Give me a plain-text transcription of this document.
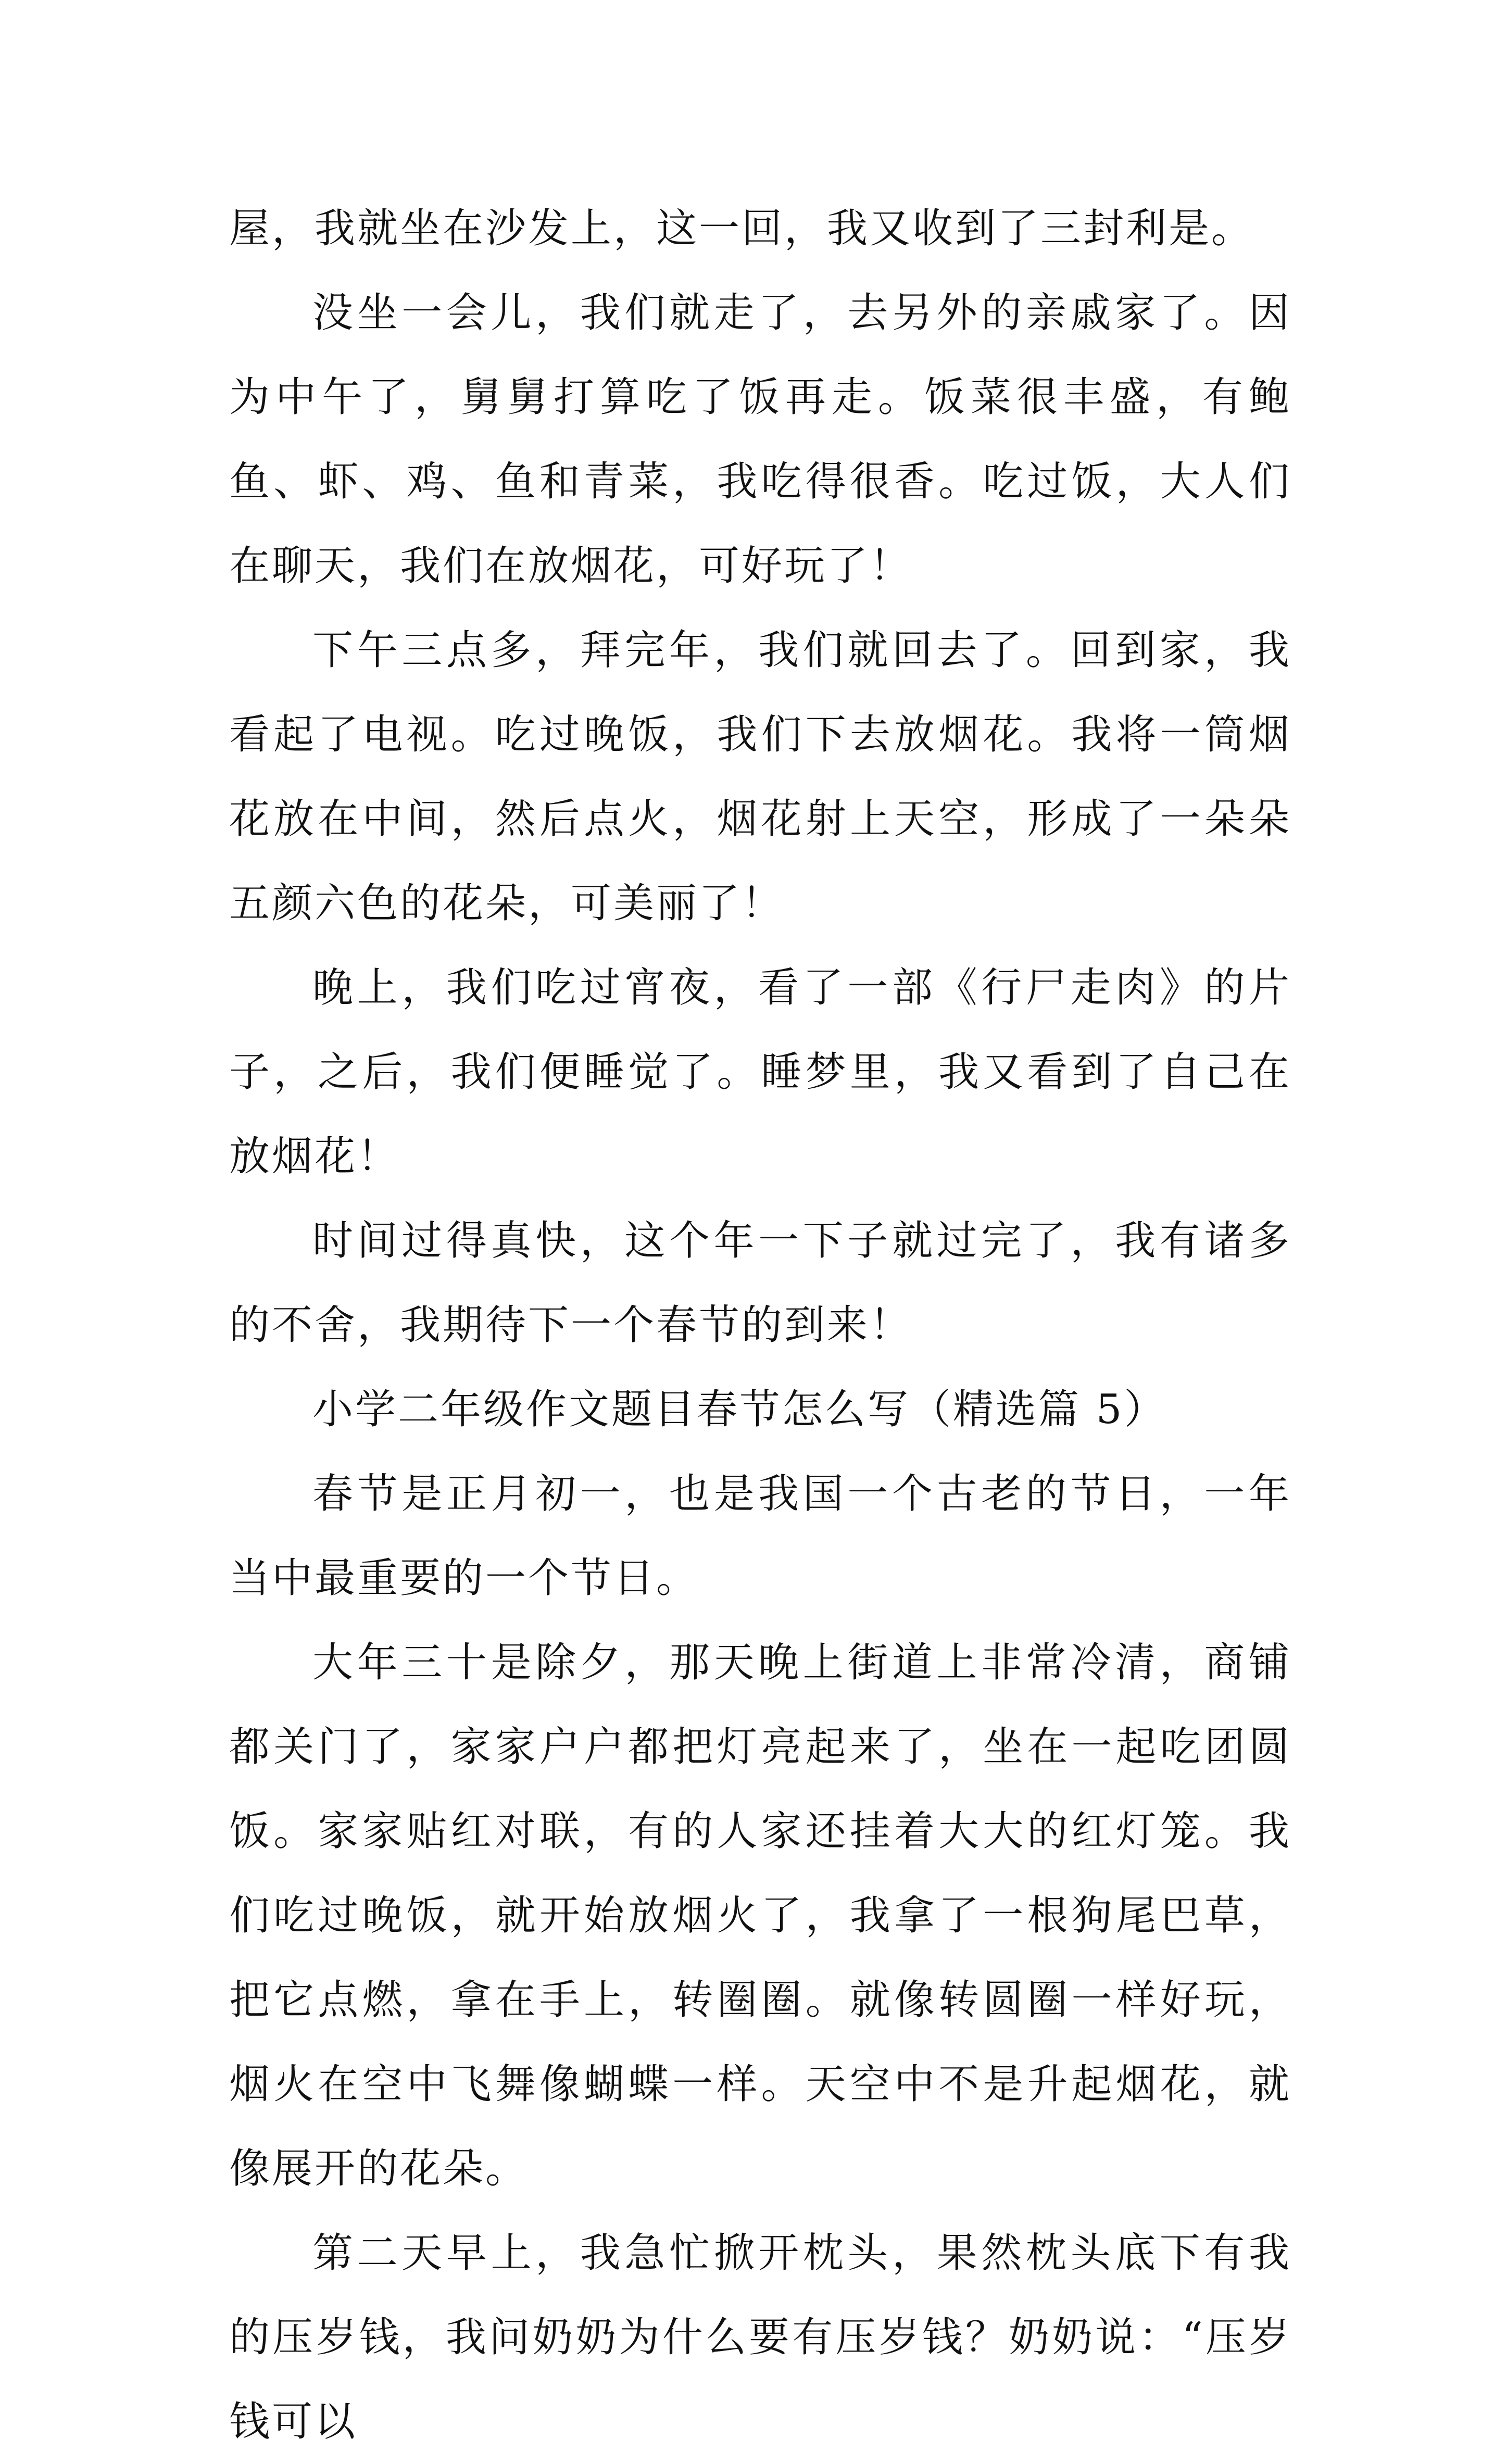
屋，我就坐在沙发上，这一回，我又收到了三封利是。

没坐一会儿，我们就走了，去另外的亲戚家了。因为中午了，舅舅打算吃了饭再走。饭菜很丰盛，有鲍鱼、虾、鸡、鱼和青菜，我吃得很香。吃过饭，大人们在聊天，我们在放烟花，可好玩了！

下午三点多，拜完年，我们就回去了。回到家，我看起了电视。吃过晚饭，我们下去放烟花。我将一筒烟花放在中间，然后点火，烟花射上天空，形成了一朵朵五颜六色的花朵，可美丽了！

晚上，我们吃过宵夜，看了一部《行尸走肉》的片子，之后，我们便睡觉了。睡梦里，我又看到了自己在放烟花！

时间过得真快，这个年一下子就过完了，我有诸多的不舍，我期待下一个春节的到来！

小学二年级作文题目春节怎么写（精选篇 5）

春节是正月初一，也是我国一个古老的节日，一年当中最重要的一个节日。

大年三十是除夕，那天晚上街道上非常冷清，商铺都关门了，家家户户都把灯亮起来了，坐在一起吃团圆饭。家家贴红对联，有的人家还挂着大大的红灯笼。我们吃过晚饭，就开始放烟火了，我拿了一根狗尾巴草，把它点燃，拿在手上，转圈圈。就像转圆圈一样好玩，烟火在空中飞舞像蝴蝶一样。天空中不是升起烟花，就像展开的花朵。

第二天早上，我急忙掀开枕头，果然枕头底下有我的压岁钱，我问奶奶为什么要有压岁钱？奶奶说：“压岁钱可以
